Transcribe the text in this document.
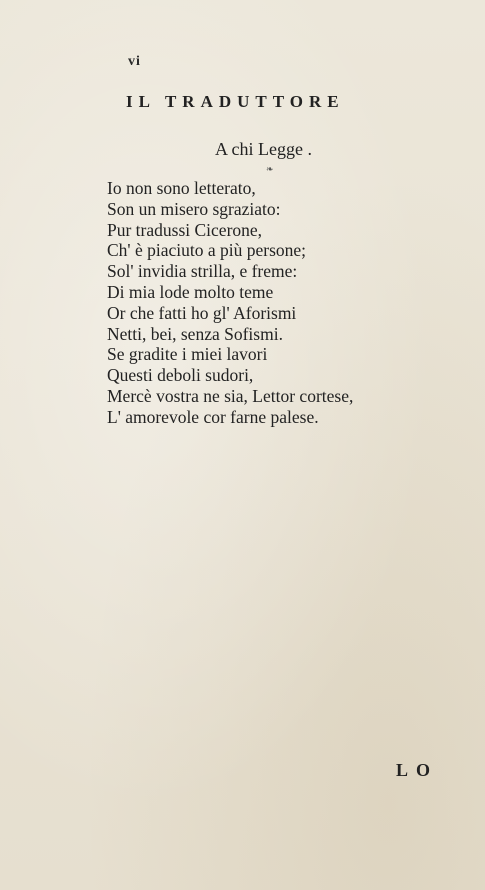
vi
IL TRADUTTORE
A chi Legge .
❧
Io non sono letterato,
Son un misero sgraziato:
Pur tradussi Cicerone,
Ch' è piaciuto a più persone;
Sol' invidia strilla, e freme:
Di mia lode molto teme
Or che fatti ho gl' Aforismi
Netti, bei, senza Sofismi.
Se gradite i miei lavori
Questi deboli sudori,
Mercè vostra ne sia, Lettor cortese,
L' amorevole cor farne palese.
LO
